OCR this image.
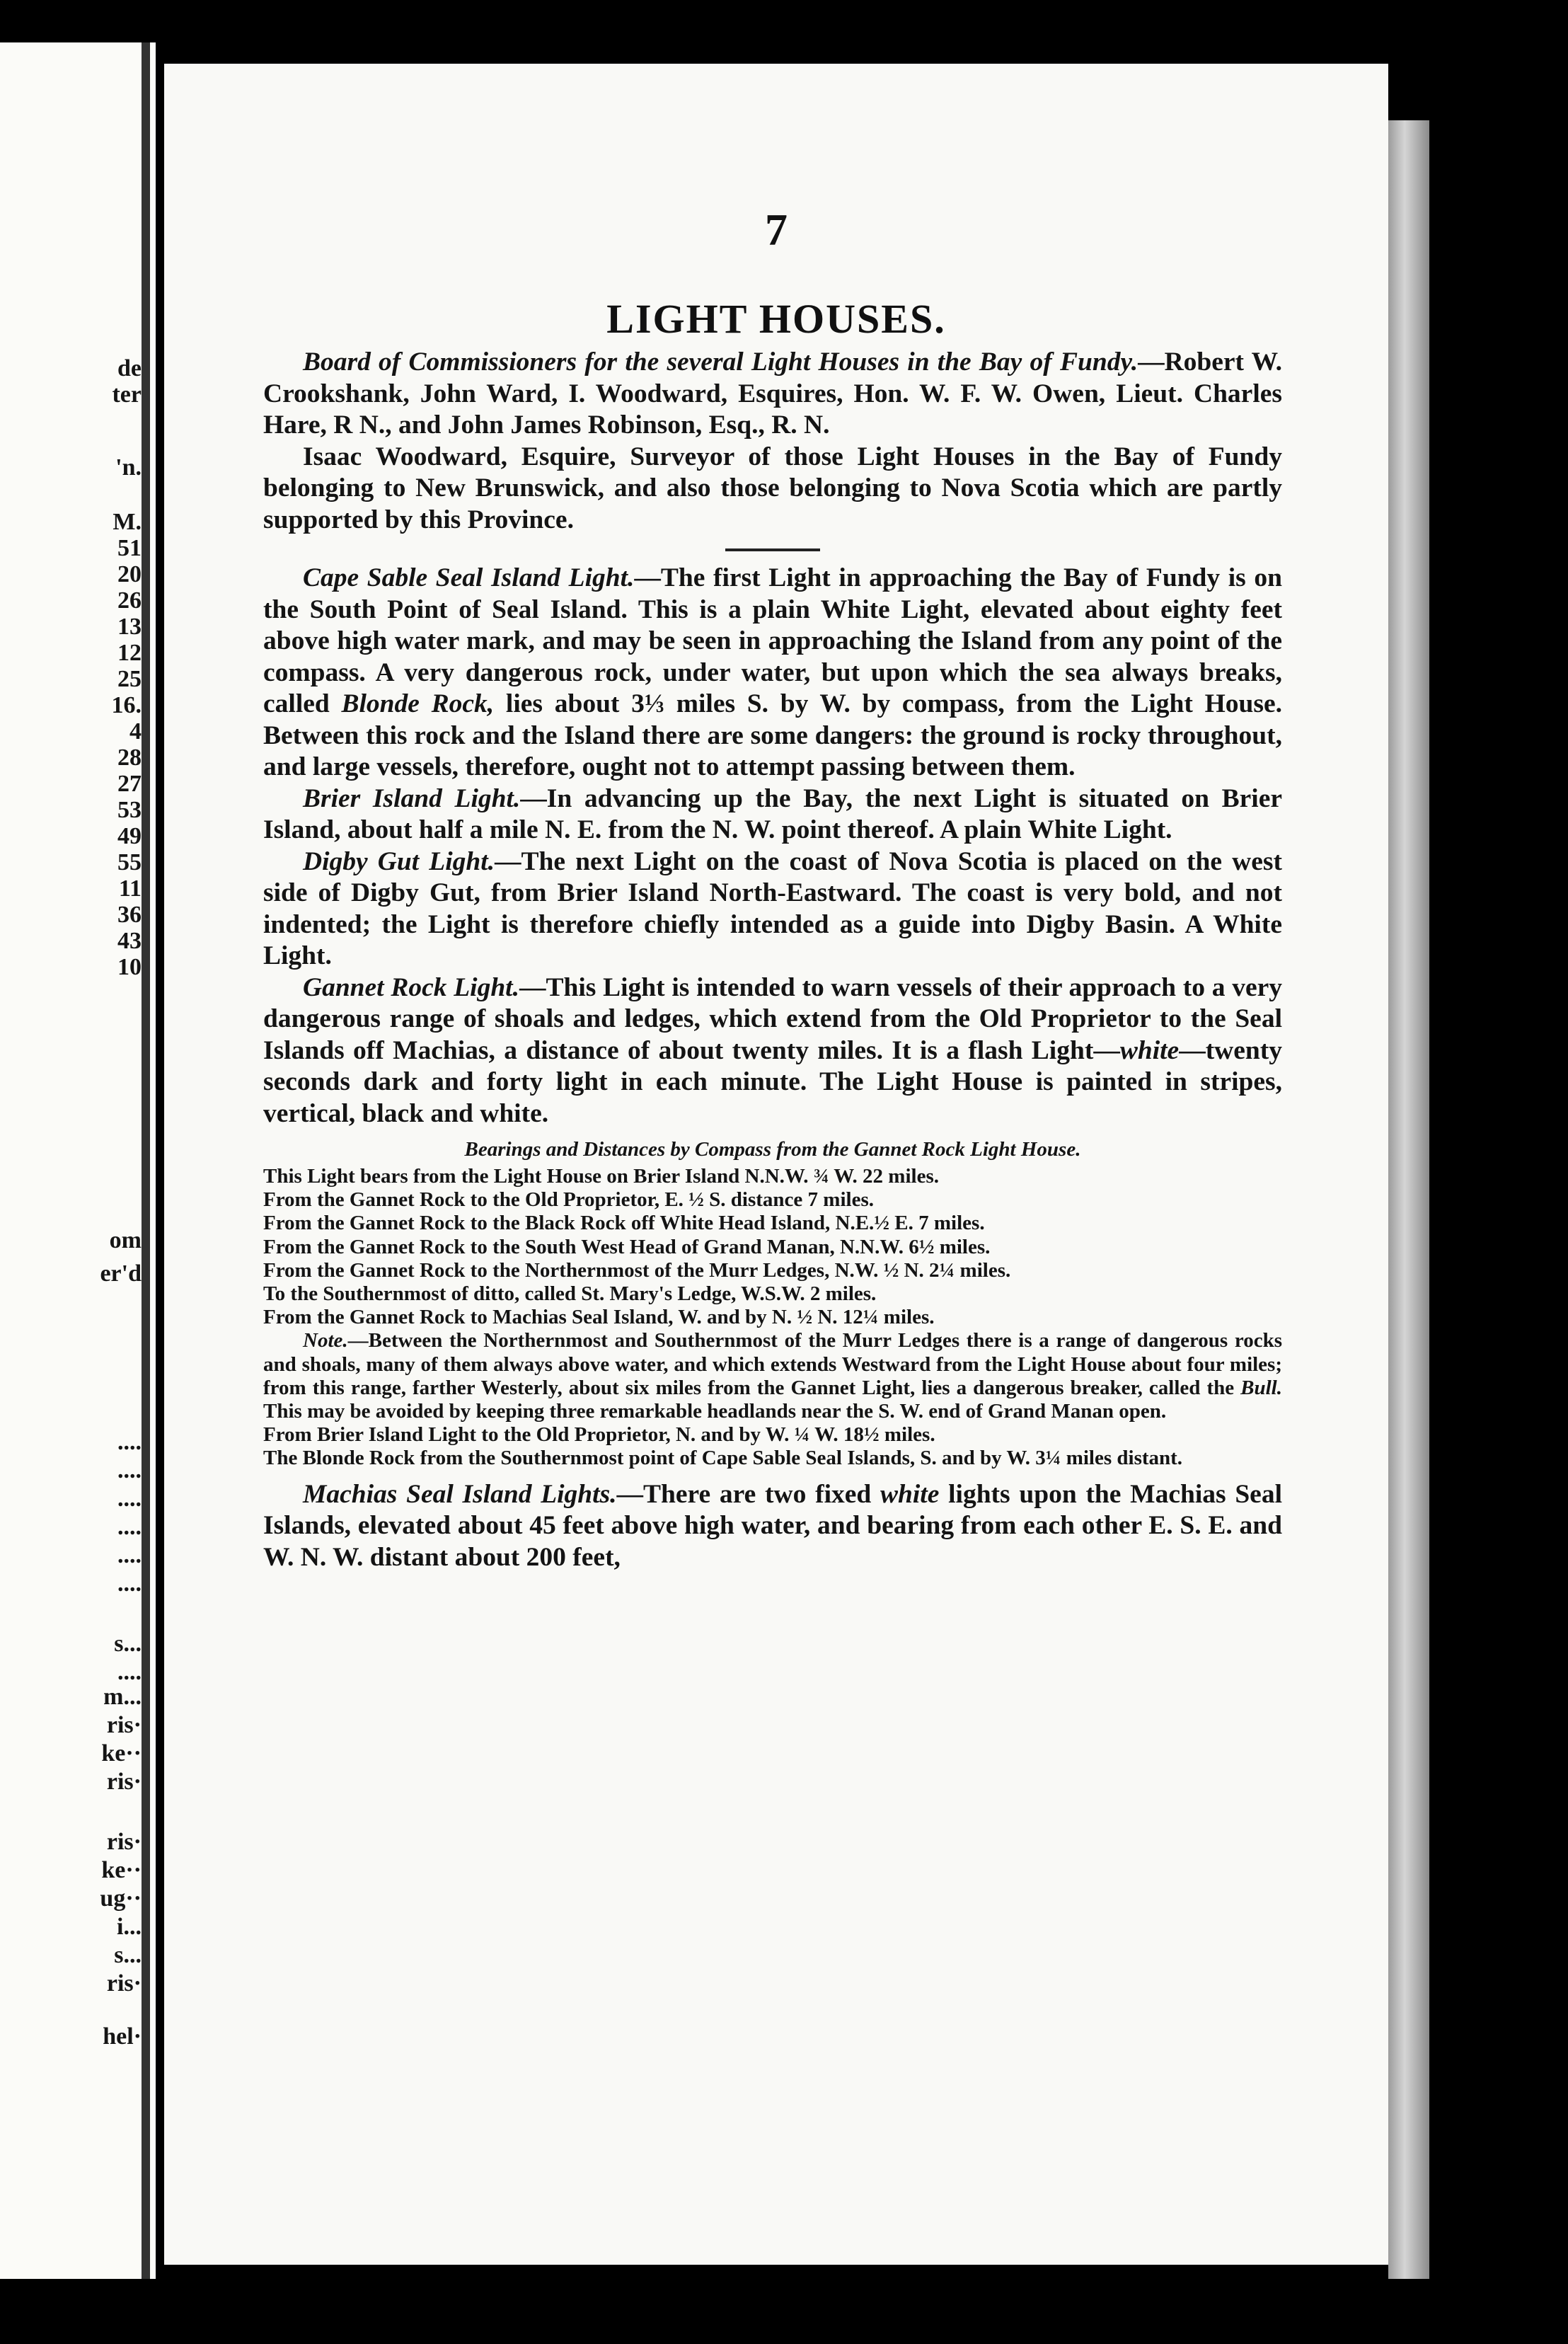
de
ter
'n.
M.
51
20
26
13
12
25
16.
4
28
27
53
49
55
11
36
43
10
om
er'd
....
....
....
....
....
....
s...
....
m...
ris·
ke··
ris·
ris·
ke··
ug··
i...
s...
ris·
hel·
7
LIGHT HOUSES.

Board of Commissioners for the several Light Houses in the Bay of Fundy.—Robert W. Crookshank, John Ward, I. Woodward, Esquires, Hon. W. F. W. Owen, Lieut. Charles Hare, R N., and John James Robinson, Esq., R. N.

Isaac Woodward, Esquire, Surveyor of those Light Houses in the Bay of Fundy belonging to New Brunswick, and also those belonging to Nova Scotia which are partly supported by this Province.

Cape Sable Seal Island Light.—The first Light in approaching the Bay of Fundy is on the South Point of Seal Island. This is a plain White Light, elevated about eighty feet above high water mark, and may be seen in approaching the Island from any point of the compass. A very dangerous rock, under water, but upon which the sea always breaks, called Blonde Rock, lies about 3⅓ miles S. by W. by compass, from the Light House. Between this rock and the Island there are some dangers: the ground is rocky throughout, and large vessels, therefore, ought not to attempt passing between them.

Brier Island Light.—In advancing up the Bay, the next Light is situated on Brier Island, about half a mile N. E. from the N. W. point thereof. A plain White Light.

Digby Gut Light.—The next Light on the coast of Nova Scotia is placed on the west side of Digby Gut, from Brier Island North-Eastward. The coast is very bold, and not indented; the Light is therefore chiefly intended as a guide into Digby Basin. A White Light.

Gannet Rock Light.—This Light is intended to warn vessels of their approach to a very dangerous range of shoals and ledges, which extend from the Old Proprietor to the Seal Islands off Machias, a distance of about twenty miles. It is a flash Light—white—twenty seconds dark and forty light in each minute. The Light House is painted in stripes, vertical, black and white.

Bearings and Distances by Compass from the Gannet Rock Light House.
This Light bears from the Light House on Brier Island N.N.W. ¾ W. 22 miles.
From the Gannet Rock to the Old Proprietor, E. ½ S. distance 7 miles.
From the Gannet Rock to the Black Rock off White Head Island, N.E.½ E. 7 miles.
From the Gannet Rock to the South West Head of Grand Manan, N.N.W. 6½ miles.
From the Gannet Rock to the Northernmost of the Murr Ledges, N.W. ½ N. 2¼ miles.
To the Southernmost of ditto, called St. Mary's Ledge, W.S.W. 2 miles.
From the Gannet Rock to Machias Seal Island, W. and by N. ½ N. 12¼ miles.
Note.—Between the Northernmost and Southernmost of the Murr Ledges there is a range of dangerous rocks and shoals, many of them always above water, and which extends Westward from the Light House about four miles; from this range, farther Westerly, about six miles from the Gannet Light, lies a dangerous breaker, called the Bull. This may be avoided by keeping three remarkable headlands near the S. W. end of Grand Manan open.
From Brier Island Light to the Old Proprietor, N. and by W. ¼ W. 18½ miles.
The Blonde Rock from the Southernmost point of Cape Sable Seal Islands, S. and by W. 3¼ miles distant.

Machias Seal Island Lights.—There are two fixed white lights upon the Machias Seal Islands, elevated about 45 feet above high water, and bearing from each other E. S. E. and W. N. W. distant about 200 feet,
